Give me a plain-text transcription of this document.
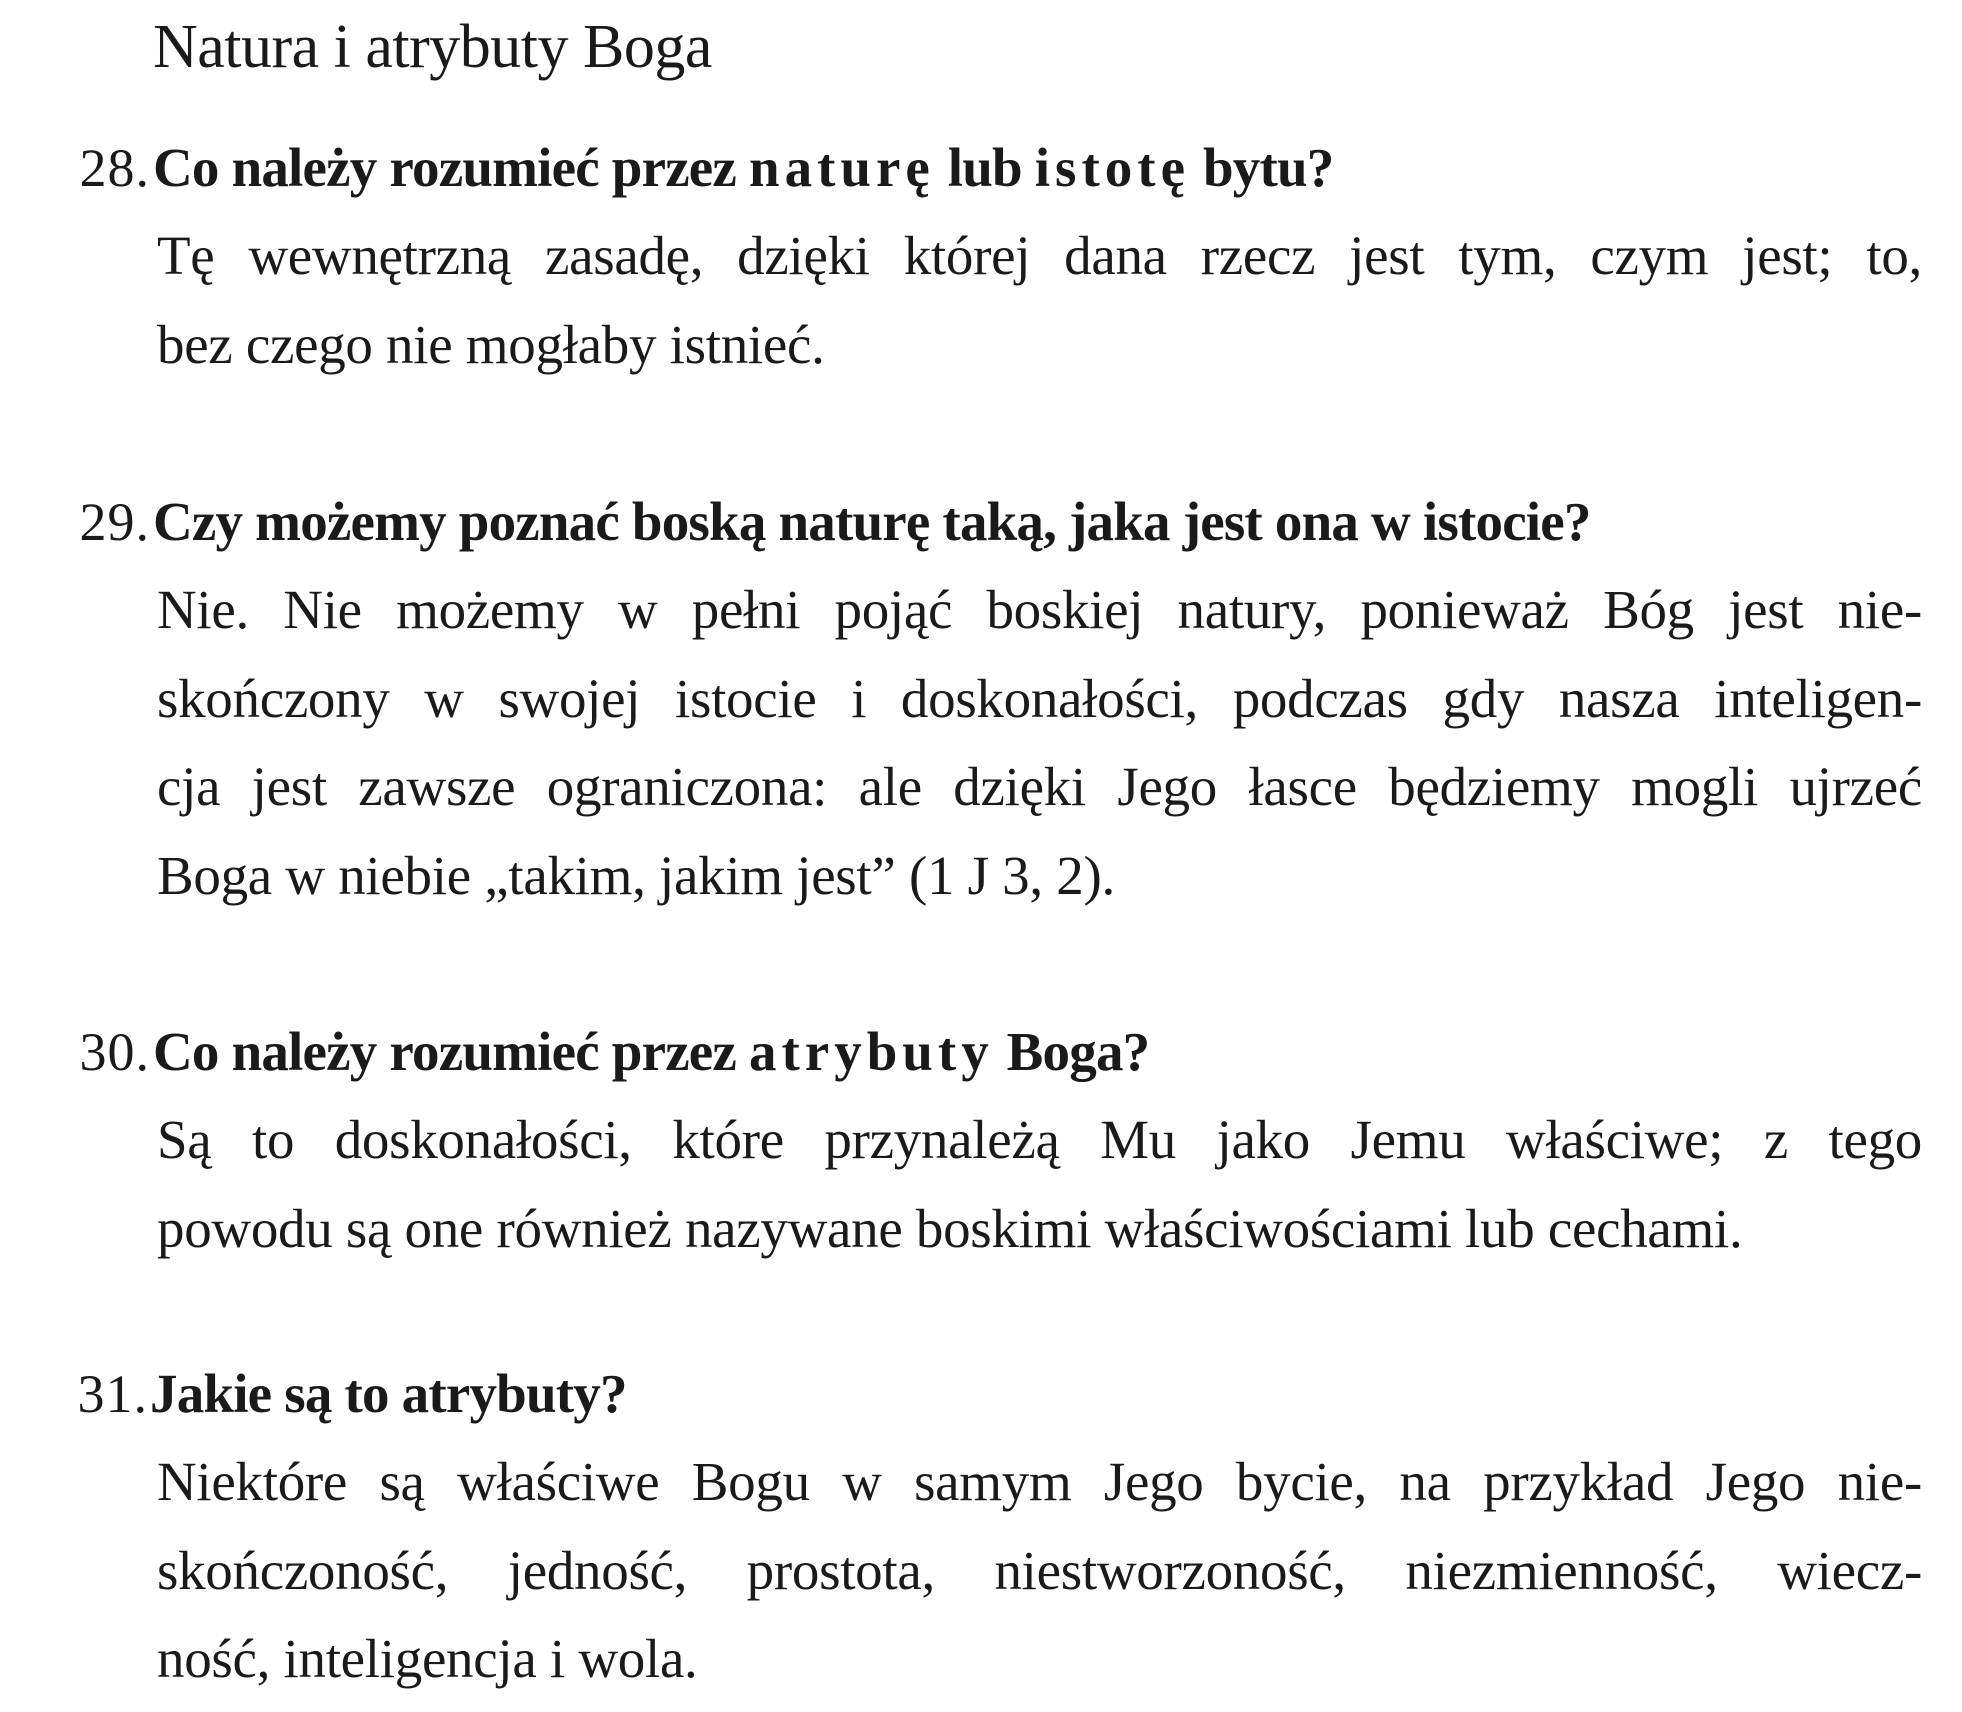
Natura i atrybuty Boga
28. Co należy rozumieć przez naturę lub istotę bytu?
Tę wewnętrzną zasadę, dzięki której dana rzecz jest tym, czym jest; to,
bez czego nie mogłaby istnieć.
29. Czy możemy poznać boską naturę taką, jaka jest ona w istocie?
Nie. Nie możemy w pełni pojąć boskiej natury, ponieważ Bóg jest nie-
skończony w swojej istocie i doskonałości, podczas gdy nasza inteligen-
cja jest zawsze ograniczona: ale dzięki Jego łasce będziemy mogli ujrzeć
Boga w niebie „takim, jakim jest” (1 J 3, 2).
30. Co należy rozumieć przez atrybuty Boga?
Są to doskonałości, które przynależą Mu jako Jemu właściwe; z tego
powodu są one również nazywane boskimi właściwościami lub cechami.
31. Jakie są to atrybuty?
Niektóre są właściwe Bogu w samym Jego bycie, na przykład Jego nie-
skończoność, jedność, prostota, niestworzoność, niezmienność, wiecz-
ność, inteligencja i wola.
